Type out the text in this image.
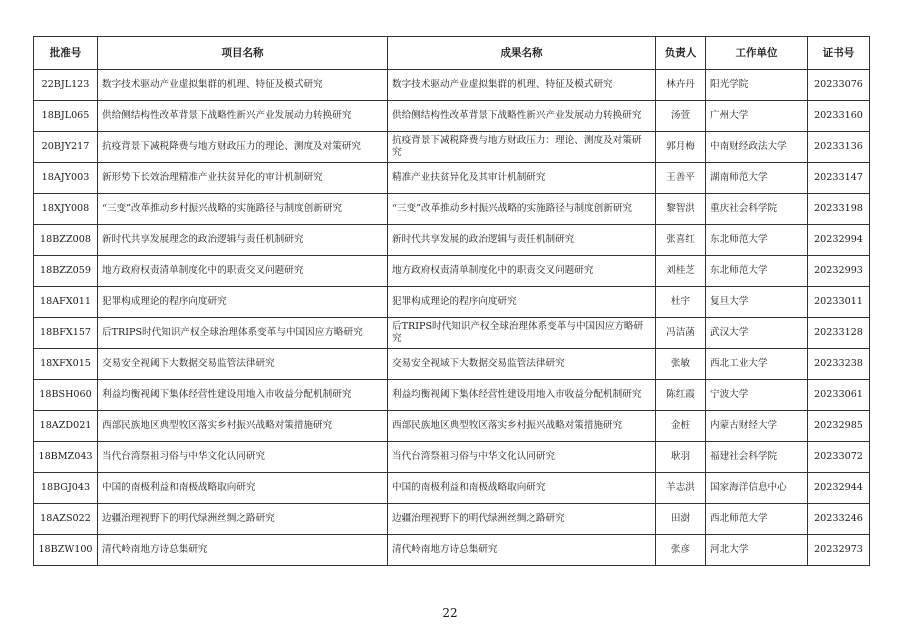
批准号	项目名称	成果名称	负责人	工作单位	证书号
22BJL123	数字技术驱动产业虚拟集群的机理、特征及模式研究	数字技术驱动产业虚拟集群的机理、特征及模式研究	林卉丹	阳光学院	20233076
18BJL065	供给侧结构性改革背景下战略性新兴产业发展动力转换研究	供给侧结构性改革背景下战略性新兴产业发展动力转换研究	汤萱	广州大学	20233160
20BJY217	抗疫背景下减税降费与地方财政压力的理论、测度及对策研究	抗疫背景下减税降费与地方财政压力：理论、测度及对策研究	郭月梅	中南财经政法大学	20233136
18AJY003	新形势下长效治理精准产业扶贫异化的审计机制研究	精准产业扶贫异化及其审计机制研究	王善平	湖南师范大学	20233147
18XJY008	“三变”改革推动乡村振兴战略的实施路径与制度创新研究	“三变”改革推动乡村振兴战略的实施路径与制度创新研究	黎智洪	重庆社会科学院	20233198
18BZZ008	新时代共享发展理念的政治逻辑与责任机制研究	新时代共享发展的政治逻辑与责任机制研究	张喜红	东北师范大学	20232994
18BZZ059	地方政府权责清单制度化中的职责交叉问题研究	地方政府权责清单制度化中的职责交叉问题研究	刘桂芝	东北师范大学	20232993
18AFX011	犯罪构成理论的程序向度研究	犯罪构成理论的程序向度研究	杜宇	复旦大学	20233011
18BFX157	后TRIPS时代知识产权全球治理体系变革与中国因应方略研究	后TRIPS时代知识产权全球治理体系变革与中国因应方略研究	冯洁菡	武汉大学	20233128
18XFX015	交易安全视阈下大数据交易监管法律研究	交易安全视域下大数据交易监管法律研究	张敏	西北工业大学	20233238
18BSH060	利益均衡视阈下集体经营性建设用地入市收益分配机制研究	利益均衡视阈下集体经营性建设用地入市收益分配机制研究	陈红霞	宁波大学	20233061
18AZD021	西部民族地区典型牧区落实乡村振兴战略对策措施研究	西部民族地区典型牧区落实乡村振兴战略对策措施研究	金桩	内蒙古财经大学	20232985
18BMZ043	当代台湾祭祖习俗与中华文化认同研究	当代台湾祭祖习俗与中华文化认同研究	耿羽	福建社会科学院	20233072
18BGJ043	中国的南极利益和南极战略取向研究	中国的南极利益和南极战略取向研究	羊志洪	国家海洋信息中心	20232944
18AZS022	边疆治理视野下的明代绿洲丝绸之路研究	边疆治理视野下的明代绿洲丝绸之路研究	田澍	西北师范大学	20233246
18BZW100	清代岭南地方诗总集研究	清代岭南地方诗总集研究	张彦	河北大学	20232973
22
